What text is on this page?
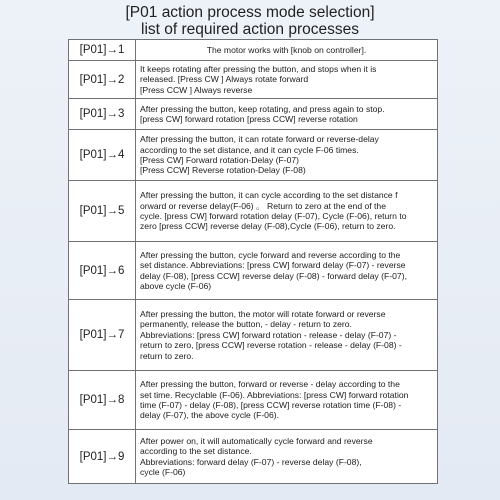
[P01 action process mode selection]
list of required action processes
[P01]→1	The motor works with [knob on controller].

[P01]→2	It keeps rotating after pressing the button, and stops when it is
released. [Press CW ] Always rotate forward
[Press CCW ] Always reverse

[P01]→3	After pressing the button, keep rotating, and press again to stop.
[press CW] forward rotation [press CCW] reverse rotation

[P01]→4	After pressing the button, it can rotate forward or reverse-delay
according to the set distance, and it can cycle F-06 times.
[Press CW] Forward rotation-Delay (F-07)
[Press CCW] Reverse rotation-Delay (F-08)

[P01]→5	After pressing the button, it can cycle according to the set distance f
orward or reverse delay(F-06) 。 Return to zero at the end of the
cycle. [press CW] forward rotation delay (F-07), Cycle (F-06), return to
zero [press CCW] reverse delay (F-08),Cycle (F-06), return to zero.

[P01]→6	After pressing the button, cycle forward and reverse according to the
set distance. Abbreviations: [press CW] forward delay (F-07) - reverse
delay (F-08), [press CCW] reverse delay (F-08) - forward delay (F-07),
above cycle (F-06)

[P01]→7	After pressing the button, the motor will rotate forward or reverse
permanently, release the button, - delay - return to zero.
Abbreviations: [press CW] forward rotation - release - delay (F-07) -
return to zero, [press CCW] reverse rotation - release - delay (F-08) -
return to zero.

[P01]→8	After pressing the button, forward or reverse - delay according to the
set time. Recyclable (F-06). Abbreviations: [press CW] forward rotation
time (F-07) - delay (F-08), [press CCW] reverse rotation time (F-08) -
delay (F-07), the above cycle (F-06).

[P01]→9	After power on, it will automatically cycle forward and reverse
according to the set distance.
Abbreviations: forward delay (F-07) - reverse delay (F-08),
cycle (F-06)
